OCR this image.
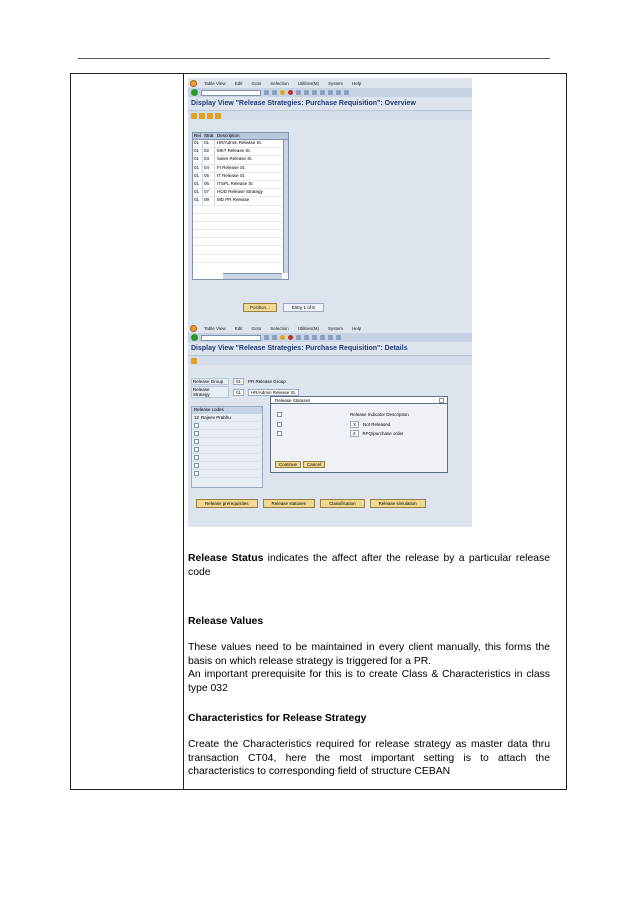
Table View Edit Goto Selection Utilities(M) System Help
Display View "Release Strategies: Purchase Requisition": Overview
Rel Strat Description
01	01	HR/Admin Release St.
01	02	MKT Release St.
01	03	Sales Release St.
01	04	FI Release St.
01	05	IT Release St.
01	06	ITSPL Release St
01	07	HOD Release Strategy
01	09	MD PR Release
Position...	Entry 1 of 8
Table View Edit Goto Selection Utilities(M) System Help
Display View "Release Strategies: Purchase Requisition": Details
Release Group	01	PR Release Group
Release Strategy	01	HR/Admin Release St.
Release codes
12 Rajeev Prabhu
Release Statuses
Release Indicator Description
X	Not Released
2	RFQ/purchase order
Continue	Cancel
Release prerequisites	Release statuses	Classification	Release simulation
Release Status indicates the affect after the release by a particular release code
Release Values
These values need to be maintained in every client manually, this forms the basis on which release strategy is triggered for a PR.
An important prerequisite for this is to create Class & Characteristics in class type 032
Characteristics for Release Strategy
Create the Characteristics required for release strategy as master data thru transaction CT04, here the most important setting is to attach the characteristics to corresponding field of structure CEBAN
